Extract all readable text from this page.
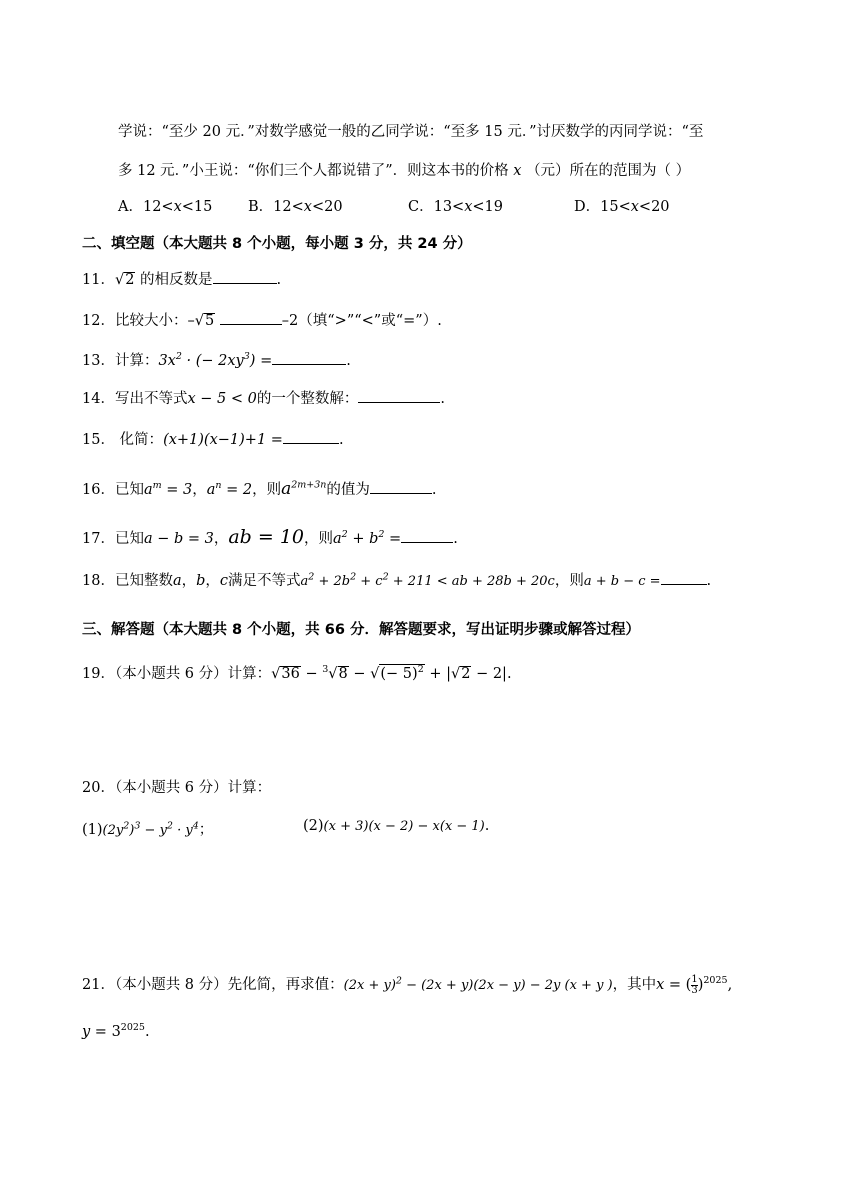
学说：“至少 20 元．”对数学感觉一般的乙同学说：“至多 15 元．”讨厌数学的丙同学说：“至
多 12 元．”小王说：“你们三个人都说错了”．则这本书的价格 x （元）所在的范围为（ ）
A．12<x<15 B．12<x<20	C．13<x<19	D．15<x<20
二、填空题（本大题共 8 个小题，每小题 3 分，共 24 分）
11．√2 的相反数是	.
12．比较大小：–√5	–2（填“>”“<”或“=”）.
13．计算：$3x^2$ · (− $2xy^3$) =	.
14．写出不等式x − 5 < 0的一个整数解：	.
15． 化简：(x+1)(x−1)+1 =	.
16．已知$a^m = 3$，$a^n = 2$，则$a^{2m+3n}$的值为	.
17．已知a − b = 3，ab = 10，则$a^2 + b^2$ =	.
18．已知整数a，b，c满足不等式$a^2 + 2b^2 + c^2 + 211$ < ab + 28b + 20c，则a + b − c =	.
三、解答题（本大题共 8 个小题，共 66 分．解答题要求，写出证明步骤或解答过程）
19．（本小题共 6 分）计算：√36 − $^3$√8 − √(− 5)$^2$ + |√2 − 2|.
20．（本小题共 6 分）计算：
$(1)(2y^2)^3 - y^2 \cdot y^4$；	(2)(x + 3)(x − 2) − x(x − 1).
21．（本小题共 8 分）先化简，再求值：$(2x + y)^2 - (2x + y)(2x - y) - 2y$ (x + y )，其中x = (1
3)$^{2025}$,
$y = 3^{2025}$.
